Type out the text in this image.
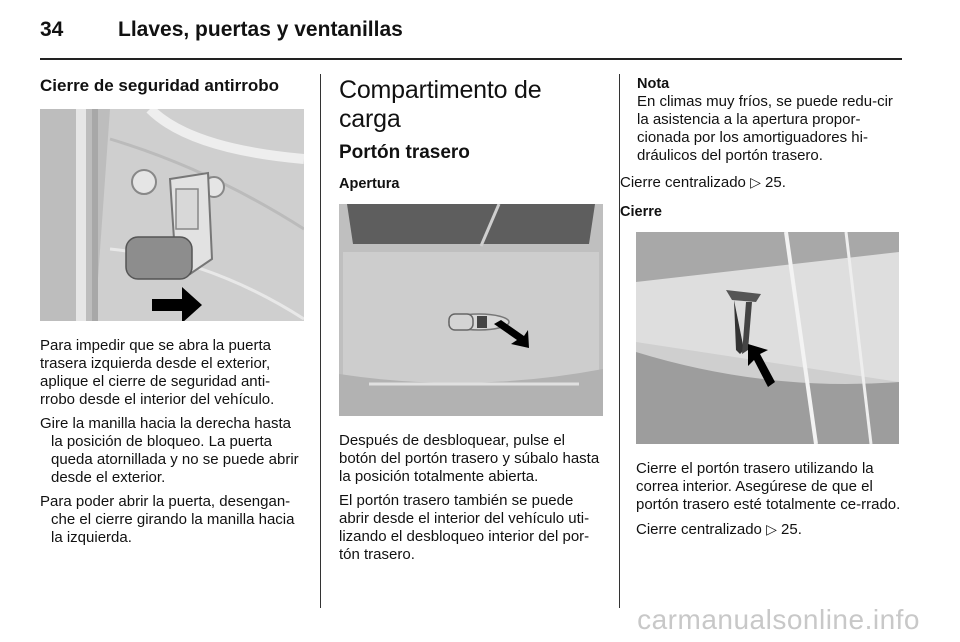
34	Llaves, puertas y ventanillas
Cierre de seguridad antirrobo

Para impedir que se abra la puerta trasera izquierda desde el exterior, aplique el cierre de seguridad anti-rrobo desde el interior del vehículo.

Gire la manilla hacia la derecha hasta la posición de bloqueo. La puerta queda atornillada y no se puede abrir desde el exterior.

Para poder abrir la puerta, desengan-che el cierre girando la manilla hacia la izquierda.

Compartimento de carga
Portón trasero
Apertura

Después de desbloquear, pulse el botón del portón trasero y súbalo hasta la posición totalmente abierta.

El portón trasero también se puede abrir desde el interior del vehículo uti-lizando el desbloqueo interior del por-tón trasero.

Nota

En climas muy fríos, se puede redu-cir la asistencia a la apertura propor-cionada por los amortiguadores hi-dráulicos del portón trasero.

Cierre centralizado ▷ 25.

Cierre

Cierre el portón trasero utilizando la correa interior. Asegúrese de que el portón trasero esté totalmente ce-rrado.

Cierre centralizado ▷ 25.

carmanualsonline.info
